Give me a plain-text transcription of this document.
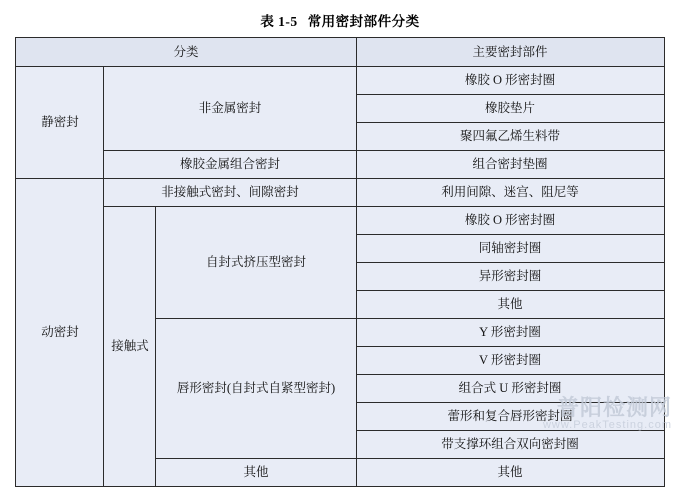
表 1-5 常用密封部件分类
分类			主要密封部件
静密封	非金属密封		橡胶 O 形密封圈
			橡胶垫片
			聚四氟乙烯生料带
	橡胶金属组合密封		组合密封垫圈
动密封	非接触式密封、间隙密封		利用间隙、迷宫、阻尼等
	接触式	自封式挤压型密封	橡胶 O 形密封圈
			同轴密封圈
			异形密封圈
			其他
		唇形密封(自封式自紧型密封)	Y 形密封圈
			V 形密封圈
			组合式 U 形密封圈
			蕾形和复合唇形密封圈
			带支撑环组合双向密封圈
		其他	其他
普阳检测网
www.PeakTesting.com
